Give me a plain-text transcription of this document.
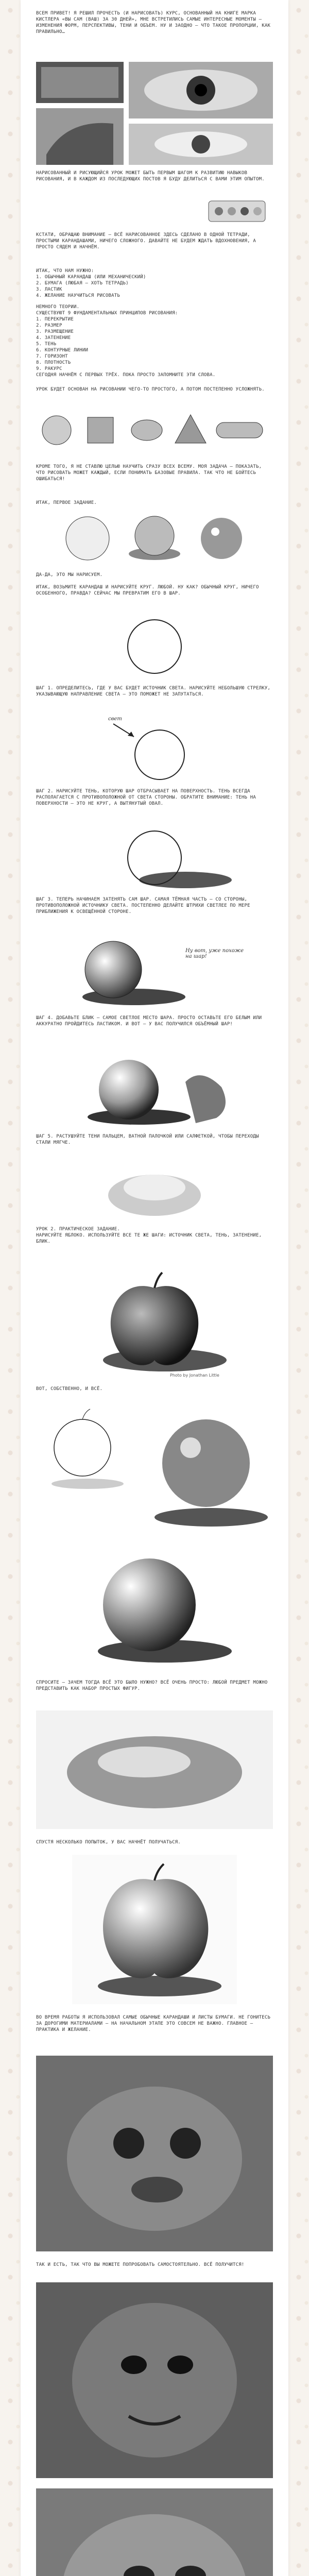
ВСЕМ ПРИВЕТ! Я РЕШИЛ ПРОЧЕСТЬ (И НАРИСОВАТЬ) КУРС, ОСНОВАННЫЙ НА КНИГЕ МАРКА КИСТЛЕРА «ВЫ САМ (ВАШ) ЗА 30 ДНЕЙ», МНЕ ВСТРЕТИЛИСЬ САМЫЕ ИНТЕРЕСНЫЕ МОМЕНТЫ — ИЗМЕНЕНИЯ ФОРМ, ПЕРСПЕКТИВЫ, ТЕНИ И ОБЪЕМ. НУ И ЗАОДНО — ЧТО ТАКОЕ ПРОПОРЦИИ, КАК ПРАВИЛЬНО…
НАРИСОВАННЫЙ И РИСУЮЩИЙСЯ УРОК МОЖЕТ БЫТЬ ПЕРВЫМ ШАГОМ К РАЗВИТИЮ НАВЫКОВ РИСОВАНИЯ, И В КАЖДОМ ИЗ ПОСЛЕДУЮЩИХ ПОСТОВ Я БУДУ ДЕЛИТЬСЯ С ВАМИ ЭТИМ ОПЫТОМ.
КСТАТИ, ОБРАЩАЮ ВНИМАНИЕ — ВСЁ НАРИСОВАННОЕ ЗДЕСЬ СДЕЛАНО В ОДНОЙ ТЕТРАДИ, ПРОСТЫМИ КАРАНДАШАМИ, НИЧЕГО СЛОЖНОГО. ДАВАЙТЕ НЕ БУДЕМ ЖДАТЬ ВДОХНОВЕНИЯ, А ПРОСТО СЯДЕМ И НАЧНЁМ.
ИТАК, ЧТО НАМ НУЖНО:
1. ОБЫЧНЫЙ КАРАНДАШ (ИЛИ МЕХАНИЧЕСКИЙ)
2. БУМАГА (ЛЮБАЯ — ХОТЬ ТЕТРАДЬ)
3. ЛАСТИК
4. ЖЕЛАНИЕ НАУЧИТЬСЯ РИСОВАТЬ
НЕМНОГО ТЕОРИИ.
СУЩЕСТВУЮТ 9 ФУНДАМЕНТАЛЬНЫХ ПРИНЦИПОВ РИСОВАНИЯ:
1. ПЕРЕКРЫТИЕ
2. РАЗМЕР
3. РАЗМЕЩЕНИЕ
4. ЗАТЕНЕНИЕ
5. ТЕНЬ
6. КОНТУРНЫЕ ЛИНИИ
7. ГОРИЗОНТ
8. ПЛОТНОСТЬ
9. РАКУРС
СЕГОДНЯ НАЧНЁМ С ПЕРВЫХ ТРЁХ. ПОКА ПРОСТО ЗАПОМНИТЕ ЭТИ СЛОВА.
УРОК БУДЕТ ОСНОВАН НА РИСОВАНИИ ЧЕГО-ТО ПРОСТОГО, А ПОТОМ ПОСТЕПЕННО УСЛОЖНЯТЬ.
КРОМЕ ТОГО, Я НЕ СТАВЛЮ ЦЕЛЬЮ НАУЧИТЬ СРАЗУ ВСЕХ ВСЕМУ. МОЯ ЗАДАЧА — ПОКАЗАТЬ, ЧТО РИСОВАТЬ МОЖЕТ КАЖДЫЙ, ЕСЛИ ПОНИМАТЬ БАЗОВЫЕ ПРАВИЛА. ТАК ЧТО НЕ БОЙТЕСЬ ОШИБАТЬСЯ!
ИТАК, ПЕРВОЕ ЗАДАНИЕ.
ДА-ДА, ЭТО МЫ НАРИСУЕМ.

ИТАК, ВОЗЬМИТЕ КАРАНДАШ И НАРИСУЙТЕ КРУГ. ЛЮБОЙ. НУ КАК? ОБЫЧНЫЙ КРУГ, НИЧЕГО ОСОБЕННОГО, ПРАВДА? СЕЙЧАС МЫ ПРЕВРАТИМ ЕГО В ШАР.
ШАГ 1. ОПРЕДЕЛИТЕСЬ, ГДЕ У ВАС БУДЕТ ИСТОЧНИК СВЕТА. НАРИСУЙТЕ НЕБОЛЬШУЮ СТРЕЛКУ, УКАЗЫВАЮЩУЮ НАПРАВЛЕНИЕ СВЕТА — ЭТО ПОМОЖЕТ НЕ ЗАПУТАТЬСЯ.
свет
ШАГ 2. НАРИСУЙТЕ ТЕНЬ, КОТОРУЮ ШАР ОТБРАСЫВАЕТ НА ПОВЕРХНОСТЬ. ТЕНЬ ВСЕГДА РАСПОЛАГАЕТСЯ С ПРОТИВОПОЛОЖНОЙ ОТ СВЕТА СТОРОНЫ. ОБРАТИТЕ ВНИМАНИЕ: ТЕНЬ НА ПОВЕРХНОСТИ — ЭТО НЕ КРУГ, А ВЫТЯНУТЫЙ ОВАЛ.
ШАГ 3. ТЕПЕРЬ НАЧИНАЕМ ЗАТЕНЯТЬ САМ ШАР. САМАЯ ТЁМНАЯ ЧАСТЬ — СО СТОРОНЫ, ПРОТИВОПОЛОЖНОЙ ИСТОЧНИКУ СВЕТА. ПОСТЕПЕННО ДЕЛАЙТЕ ШТРИХИ СВЕТЛЕЕ ПО МЕРЕ ПРИБЛИЖЕНИЯ К ОСВЕЩЁННОЙ СТОРОНЕ.
Ну вот, уже похоже на шар!
ШАГ 4. ДОБАВЬТЕ БЛИК — САМОЕ СВЕТЛОЕ МЕСТО ШАРА. ПРОСТО ОСТАВЬТЕ ЕГО БЕЛЫМ ИЛИ АККУРАТНО ПРОЙДИТЕСЬ ЛАСТИКОМ. И ВОТ — У ВАС ПОЛУЧИЛСЯ ОБЪЁМНЫЙ ШАР!
ШАГ 5. РАСТУШУЙТЕ ТЕНИ ПАЛЬЦЕМ, ВАТНОЙ ПАЛОЧКОЙ ИЛИ САЛФЕТКОЙ, ЧТОБЫ ПЕРЕХОДЫ СТАЛИ МЯГЧЕ.
УРОК 2. ПРАКТИЧЕСКОЕ ЗАДАНИЕ.
НАРИСУЙТЕ ЯБЛОКО. ИСПОЛЬЗУЙТЕ ВСЕ ТЕ ЖЕ ШАГИ: ИСТОЧНИК СВЕТА, ТЕНЬ, ЗАТЕНЕНИЕ, БЛИК.
Photo by Jonathan Little
ВОТ, СОБСТВЕННО, И ВСЁ.
СПРОСИТЕ — ЗАЧЕМ ТОГДА ВСЁ ЭТО БЫЛО НУЖНО? ВСЁ ОЧЕНЬ ПРОСТО: ЛЮБОЙ ПРЕДМЕТ МОЖНО ПРЕДСТАВИТЬ КАК НАБОР ПРОСТЫХ ФИГУР.
СПУСТЯ НЕСКОЛЬКО ПОПЫТОК, У ВАС НАЧНЁТ ПОЛУЧАТЬСЯ.
ВО ВРЕМЯ РАБОТЫ Я ИСПОЛЬЗОВАЛ САМЫЕ ОБЫЧНЫЕ КАРАНДАШИ И ЛИСТЫ БУМАГИ. НЕ ГОНИТЕСЬ ЗА ДОРОГИМИ МАТЕРИАЛАМИ — НА НАЧАЛЬНОМ ЭТАПЕ ЭТО СОВСЕМ НЕ ВАЖНО. ГЛАВНОЕ — ПРАКТИКА И ЖЕЛАНИЕ.
ТАК И ЕСТЬ, ТАК ЧТО ВЫ МОЖЕТЕ ПОПРОБОВАТЬ САМОСТОЯТЕЛЬНО. ВСЁ ПОЛУЧИТСЯ!
